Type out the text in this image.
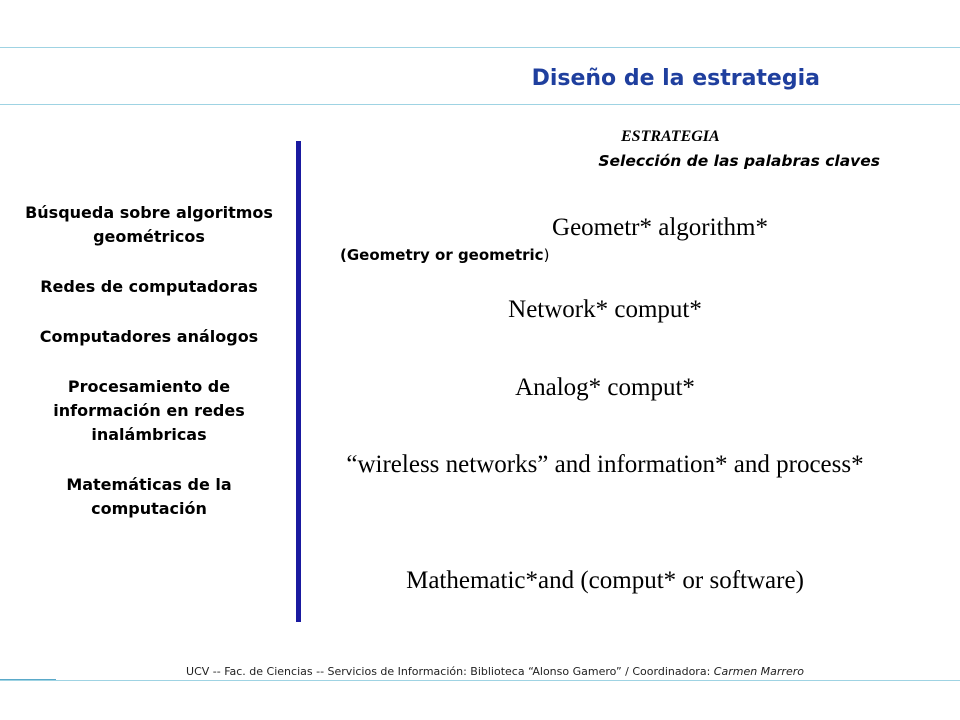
Diseño de la estrategia
Búsqueda sobre algoritmos geométricos
Redes de computadoras
Computadores análogos
Procesamiento de información en redes inalámbricas
Matemáticas de la computación
ESTRATEGIA
Selección de las palabras claves
Geometr* algorithm*
(Geometry or geometric)
Network* comput*
Analog* comput*
“wireless networks” and information* and process*
Mathematic*and (comput* or software)
UCV -- Fac. de Ciencias -- Servicios de Información: Biblioteca “Alonso Gamero” / Coordinadora: Carmen Marrero
